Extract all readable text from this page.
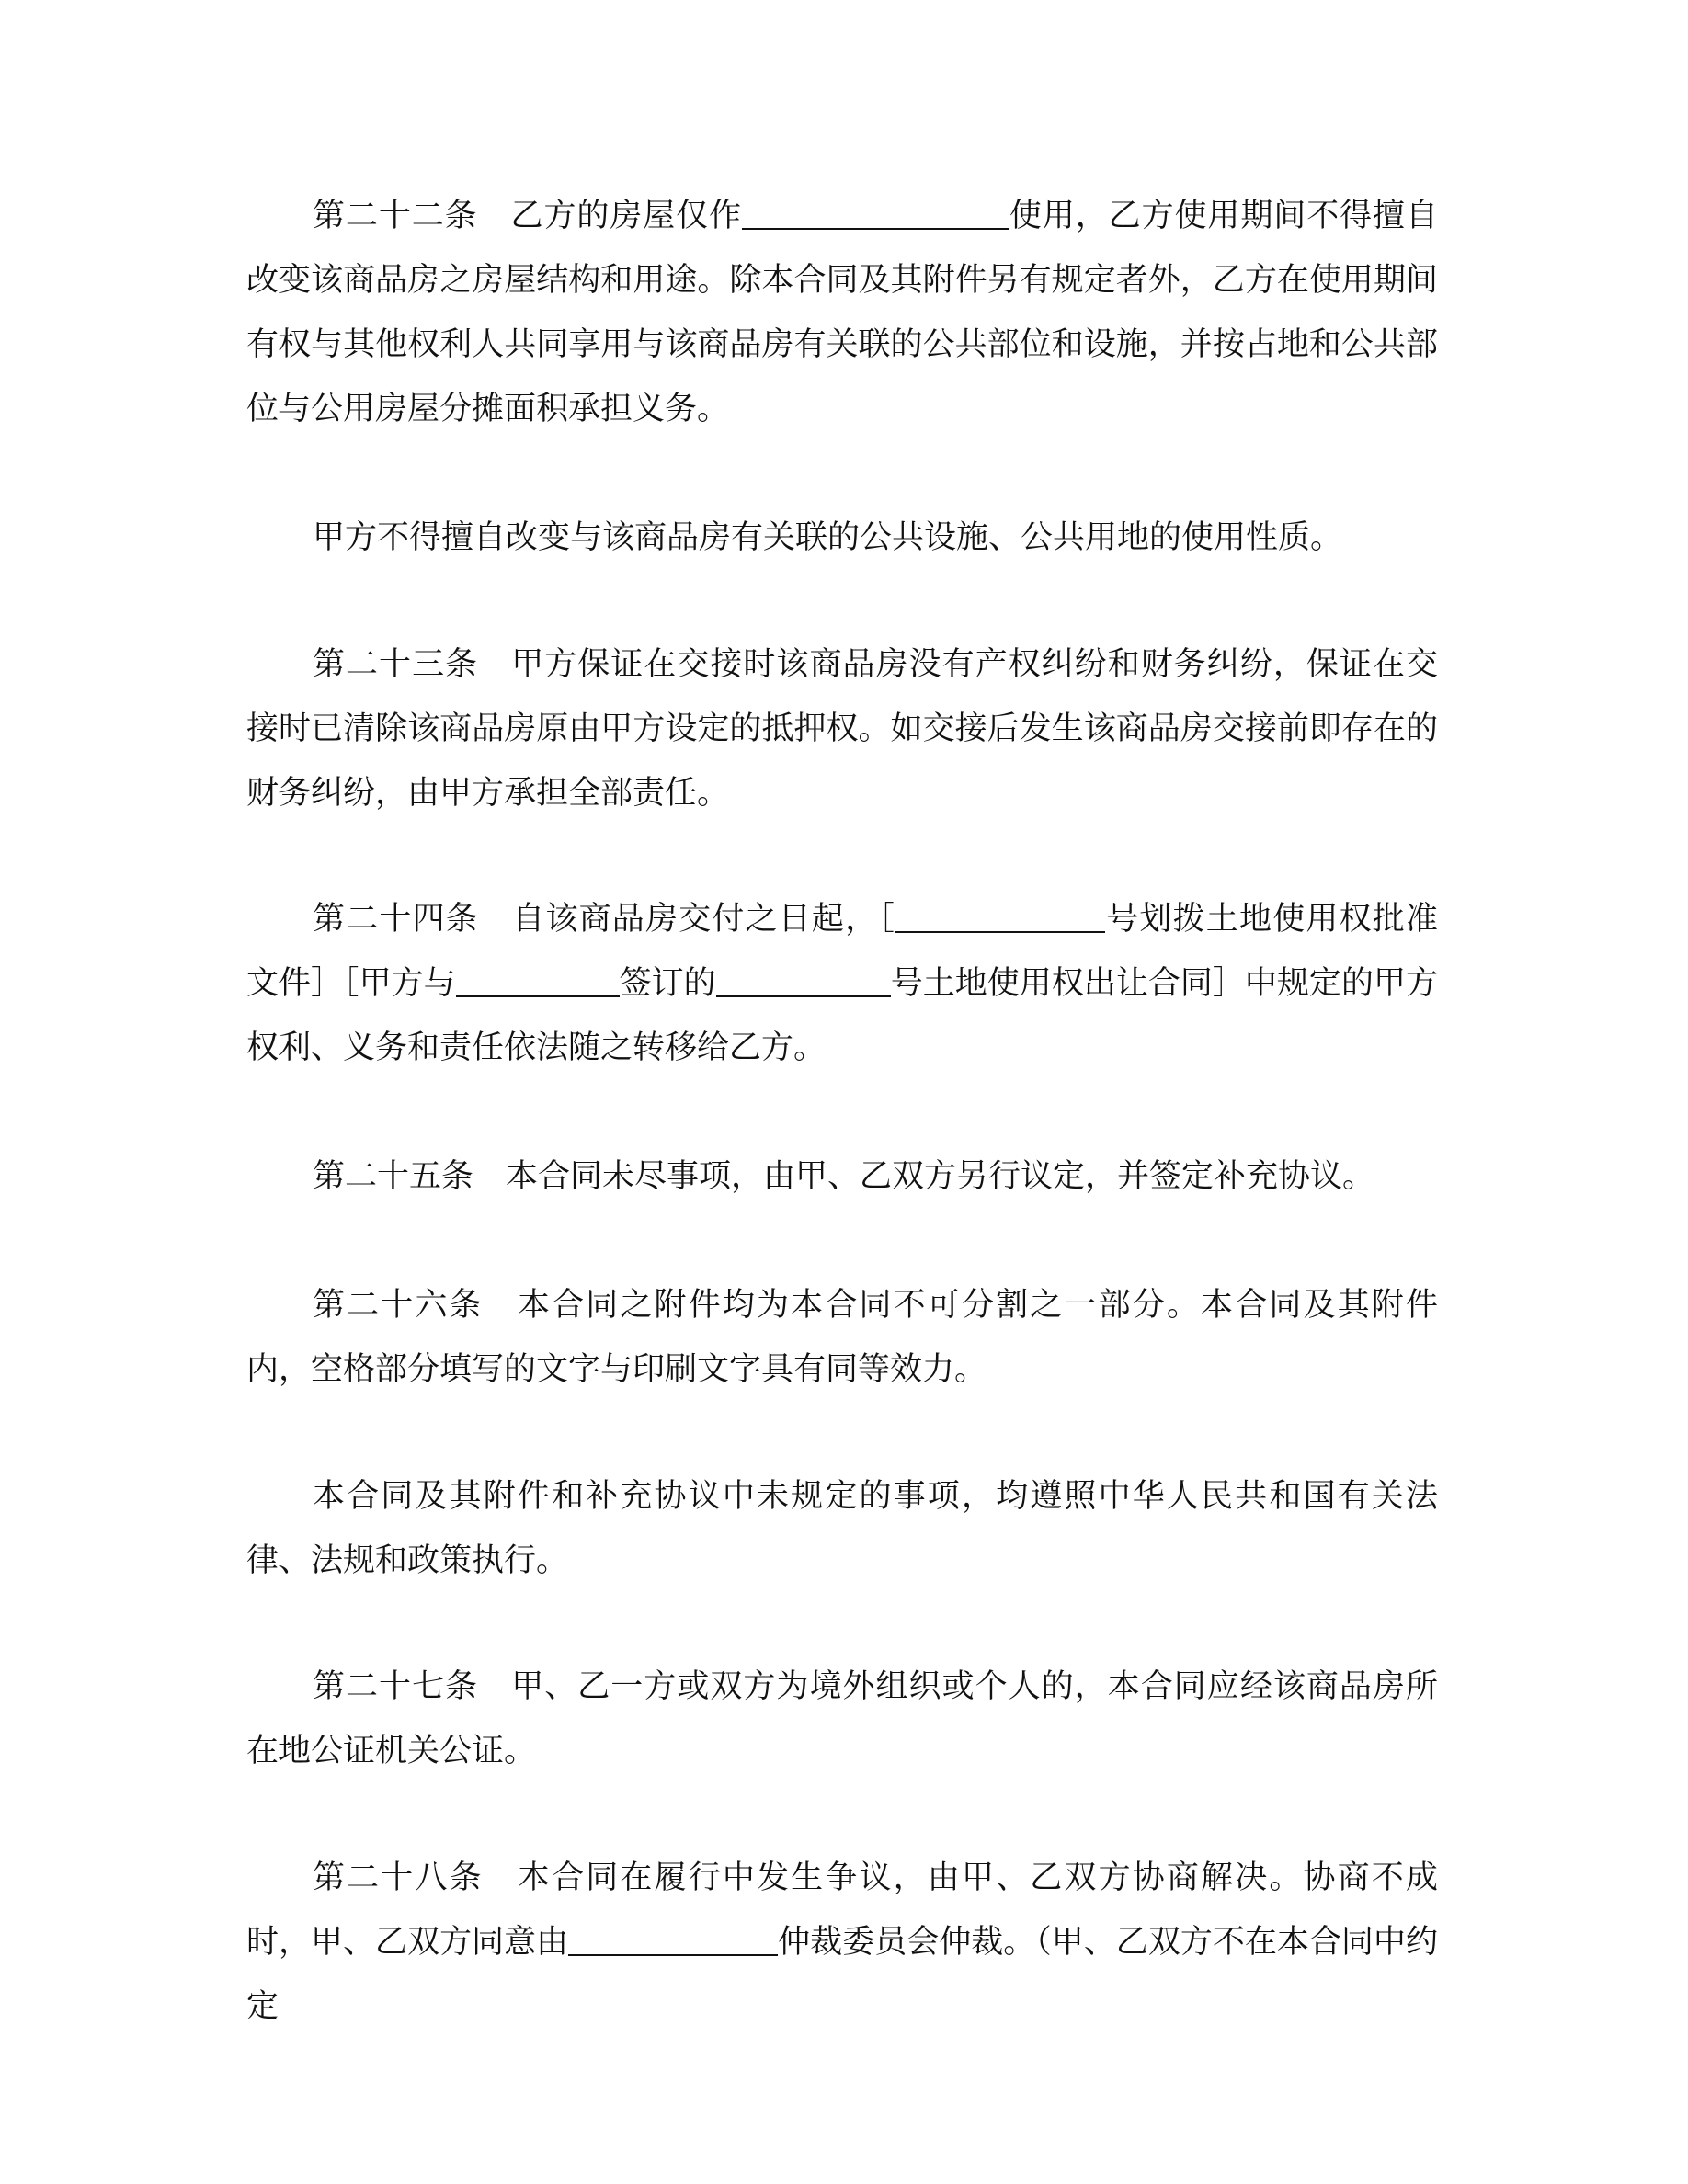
第二十二条　 乙方的房屋仅作	使用，乙方使用期间不得擅自改变该商品房之房屋结构和用途。除本合同及其附件另有规定者外，乙方在使用期间有权与其他权利人共同享用与该商品房有关联的公共部位和设施，并按占地和公共部位与公用房屋分摊面积承担义务。

甲方不得擅自改变与该商品房有关联的公共设施、公共用地的使用性质。

第二十三条　 甲方保证在交接时该商品房没有产权纠纷和财务纠纷，保证在交接时已清除该商品房原由甲方设定的抵押权。如交接后发生该商品房交接前即存在的财务纠纷，由甲方承担全部责任。

第二十四条　 自该商品房交付之日起，［	号划拨土地使用权批准文件］［甲方与	签订的	号土地使用权出让合同］中规定的甲方权利、义务和责任依法随之转移给乙方。

第二十五条　 本合同未尽事项，由甲、乙双方另行议定，并签定补充协议。

第二十六条　 本合同之附件均为本合同不可分割之一部分。本合同及其附件内，空格部分填写的文字与印刷文字具有同等效力。

本合同及其附件和补充协议中未规定的事项，均遵照中华人民共和国有关法律、法规和政策执行。

第二十七条　 甲、乙一方或双方为境外组织或个人的，本合同应经该商品房所在地公证机关公证。

第二十八条　 本合同在履行中发生争议，由甲、乙双方协商解决。协商不成时，甲、乙双方同意由	仲裁委员会仲裁。（甲、乙双方不在本合同中约定
